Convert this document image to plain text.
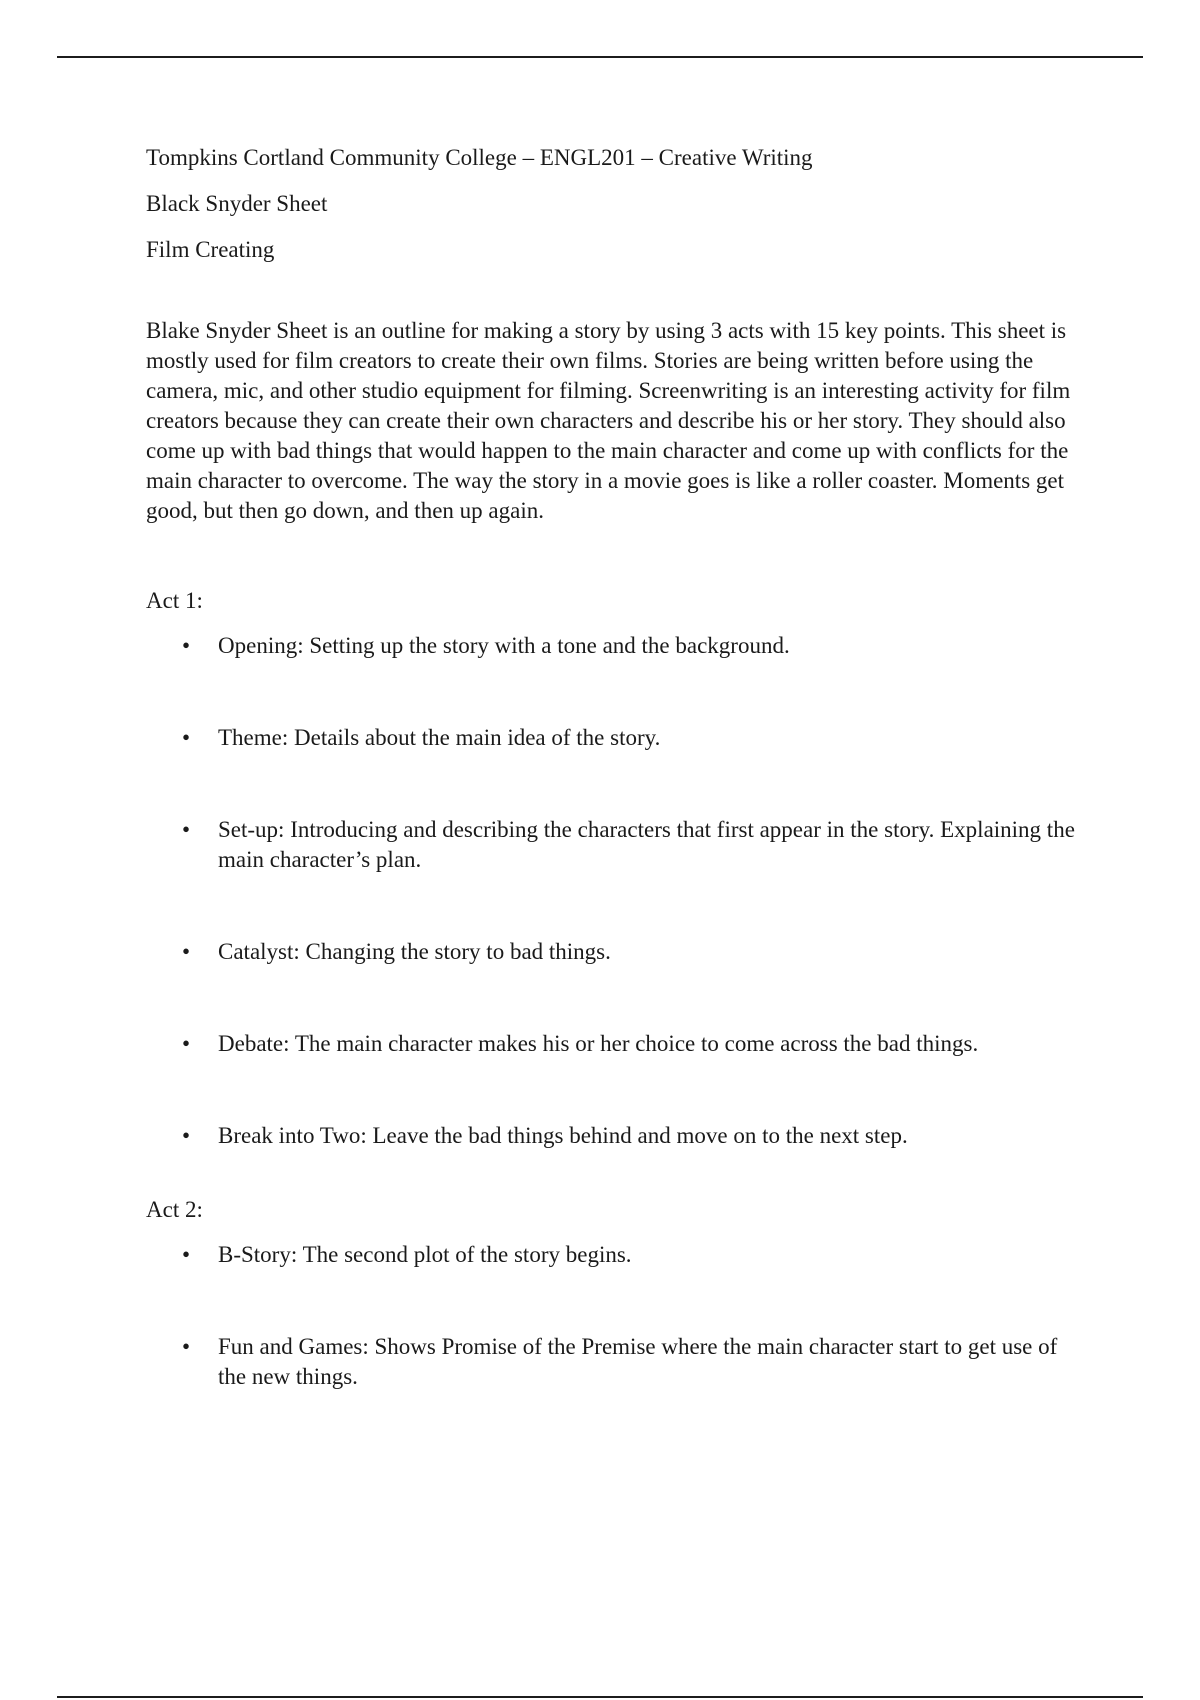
Tompkins Cortland Community College – ENGL201 – Creative Writing
Black Snyder Sheet
Film Creating

Blake Snyder Sheet is an outline for making a story by using 3 acts with 15 key points. This sheet is mostly used for film creators to create their own films. Stories are being written before using the camera, mic, and other studio equipment for filming. Screenwriting is an interesting activity for film creators because they can create their own characters and describe his or her story. They should also come up with bad things that would happen to the main character and come up with conflicts for the main character to overcome. The way the story in a movie goes is like a roller coaster. Moments get good, but then go down, and then up again.

Act 1:
• Opening: Setting up the story with a tone and the background.
• Theme: Details about the main idea of the story.
• Set-up: Introducing and describing the characters that first appear in the story. Explaining the main character’s plan.
• Catalyst: Changing the story to bad things.
• Debate: The main character makes his or her choice to come across the bad things.
• Break into Two: Leave the bad things behind and move on to the next step.
Act 2:
• B-Story: The second plot of the story begins.
• Fun and Games: Shows Promise of the Premise where the main character start to get use of the new things.
